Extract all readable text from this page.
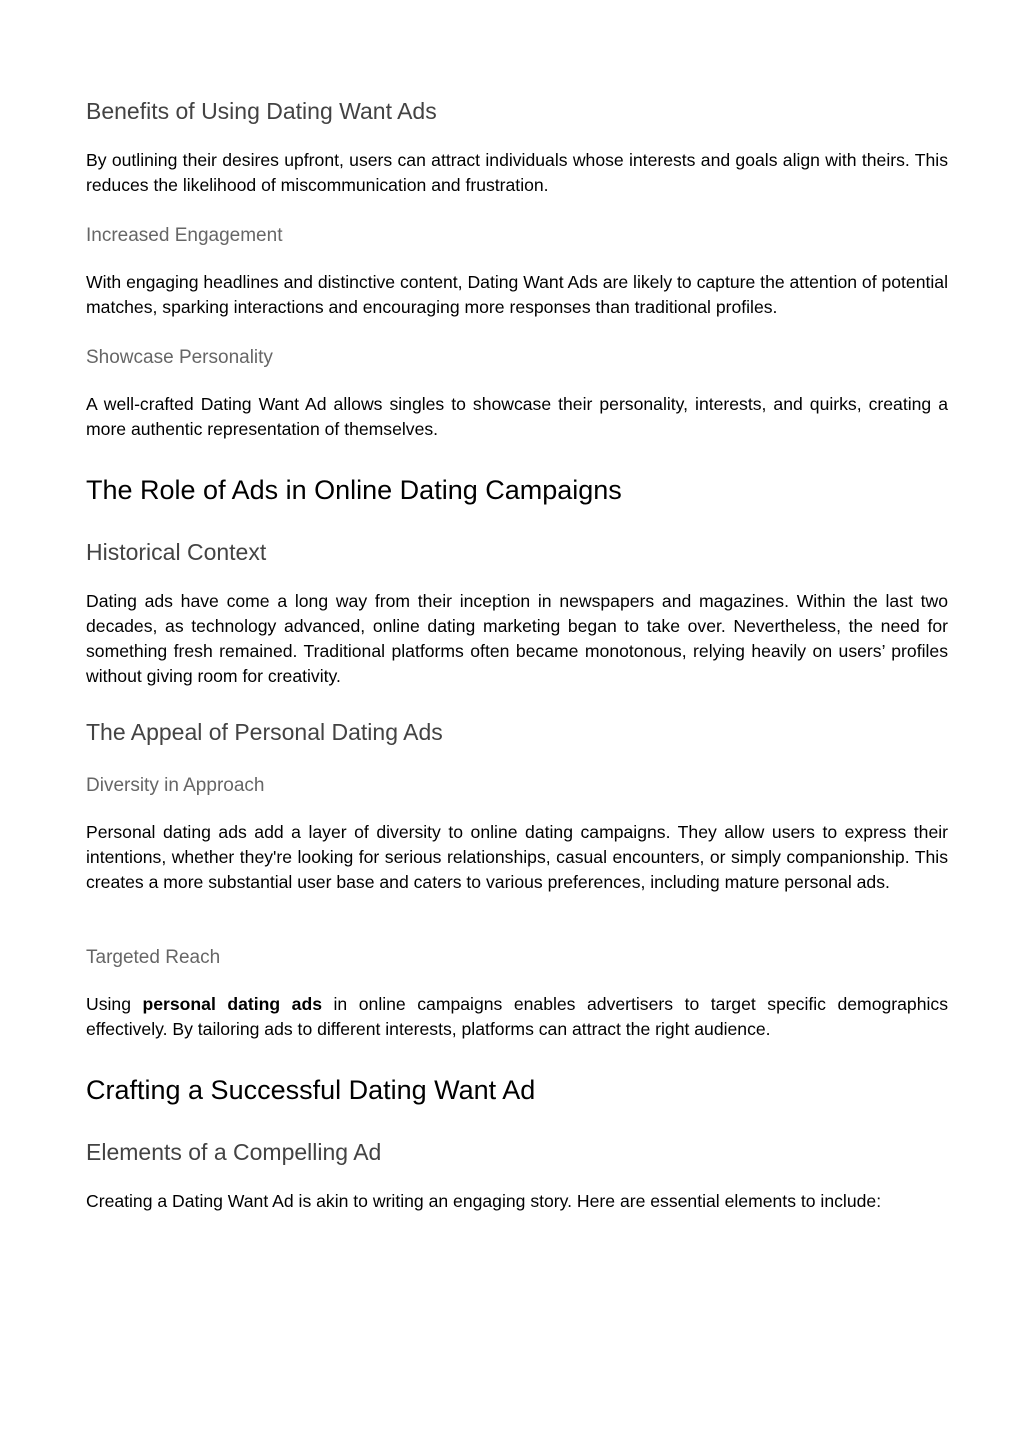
Benefits of Using Dating Want Ads

By outlining their desires upfront, users can attract individuals whose interests and goals align with theirs. This reduces the likelihood of miscommunication and frustration.

Increased Engagement

With engaging headlines and distinctive content, Dating Want Ads are likely to capture the attention of potential matches, sparking interactions and encouraging more responses than traditional profiles.

Showcase Personality

A well-crafted Dating Want Ad allows singles to showcase their personality, interests, and quirks, creating a more authentic representation of themselves.

The Role of Ads in Online Dating Campaigns
Historical Context

Dating ads have come a long way from their inception in newspapers and magazines. Within the last two decades, as technology advanced, online dating marketing began to take over. Nevertheless, the need for something fresh remained. Traditional platforms often became monotonous, relying heavily on users’ profiles without giving room for creativity.

The Appeal of Personal Dating Ads
Diversity in Approach

Personal dating ads add a layer of diversity to online dating campaigns. They allow users to express their intentions, whether they're looking for serious relationships, casual encounters, or simply companionship. This creates a more substantial user base and caters to various preferences, including mature personal ads.

Targeted Reach

Using personal dating ads in online campaigns enables advertisers to target specific demographics effectively. By tailoring ads to different interests, platforms can attract the right audience.

Crafting a Successful Dating Want Ad
Elements of a Compelling Ad

Creating a Dating Want Ad is akin to writing an engaging story. Here are essential elements to include:
